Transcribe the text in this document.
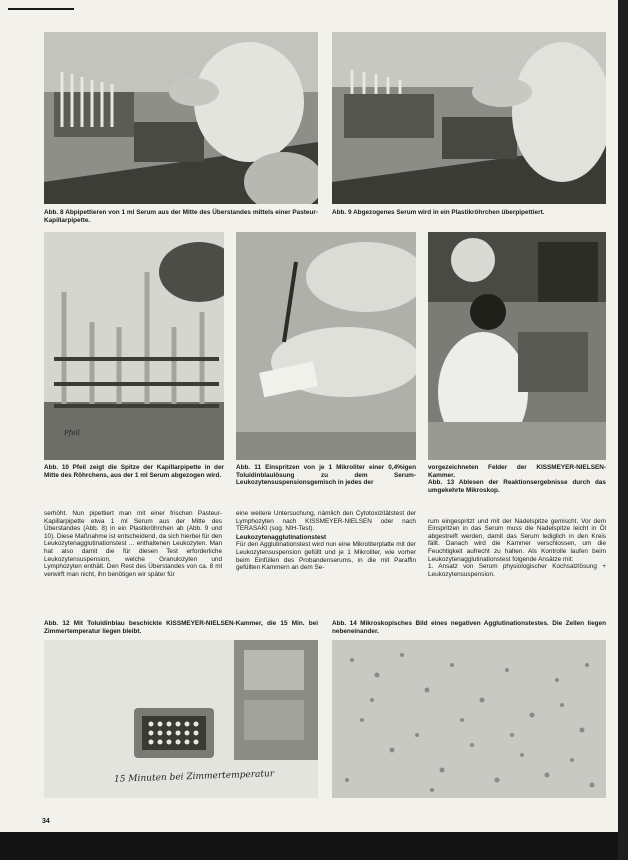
Abb. 8 Abpipettieren von 1 ml Serum aus der Mitte des Überstandes mittels einer Pasteur-Kapillarpipette.

Abb. 9 Abgezogenes Serum wird in ein Plastikröhrchen überpipettiert.

Pfeil

Abb. 10 Pfeil zeigt die Spitze der Kapillarpipette in der Mitte des Röhrchens, aus der 1 ml Serum abgezogen wird.

Abb. 11 Einspritzen von je 1 Mikroliter einer 0,4%igen Toluidinblaulösung zu dem Serum-Leukozytensuspensionsgemisch in jedes der

vorgezeichneten Felder der KISSMEYER-NIELSEN-Kammer.

Abb. 13 Ablesen der Reaktionsergebnisse durch das umgekehrte Mikroskop.

serhöht. Nun pipettiert man mit einer frischen Pasteur-Kapillarpipette etwa 1 ml Serum aus der Mitte des Überstandes (Abb. 8) in ein Plastikröhrchen ab (Abb. 9 und 10). Diese Maßnahme ist entscheidend, da sich hierbei für den Leukozytenagglutinationstest ... enthaltenen Leukozyten. Man hat also damit die für diesen Test erforderliche Leukozytensuspension, welche Granulozyten und Lymphozyten enthält. Den Rest des Überstandes von ca. 8 ml verwirft man nicht, ihn benötigen wir später für

eine weitere Untersuchung, nämlich den Cytotoxizitätstest der Lymphozyten nach KISSMEYER-NIELSEN oder nach TERASAKI (sog. NIH-Test).

Leukozytenagglutinationstest

Für den Agglutinationstest wird nun eine Mikrotiterplatte mit der Leukozytensuspension gefüllt und je 1 Mikroliter, wie vorher beim Einfüllen des Probandenserums, in die mit Paraffin gefüllten Kammern an dem Se-

rum eingespritzt und mit der Nadelspitze gemischt. Vor dem Einspritzen in das Serum muss die Nadelspitze leicht in Öl abgestreift werden, damit das Serum lediglich in den Kreis fällt. Danach wird die Kammer verschlossen, um die Feuchtigkeit aufrecht zu halten. Als Kontrolle laufen beim Leukozytenagglutinationstest folgende Ansätze mit:
1. Ansatz von Serum physiologischer Kochsalzlösung + Leukozytensuspension.

Abb. 12 Mit Toluidinblau beschickte KISSMEYER-NIELSEN-Kammer, die 15 Min. bei Zimmertemperatur liegen bleibt.

Abb. 14 Mikroskopisches Bild eines negativen Agglutinationstestes. Die Zellen liegen nebeneinander.

15 Minuten bei Zimmertemperatur
34
